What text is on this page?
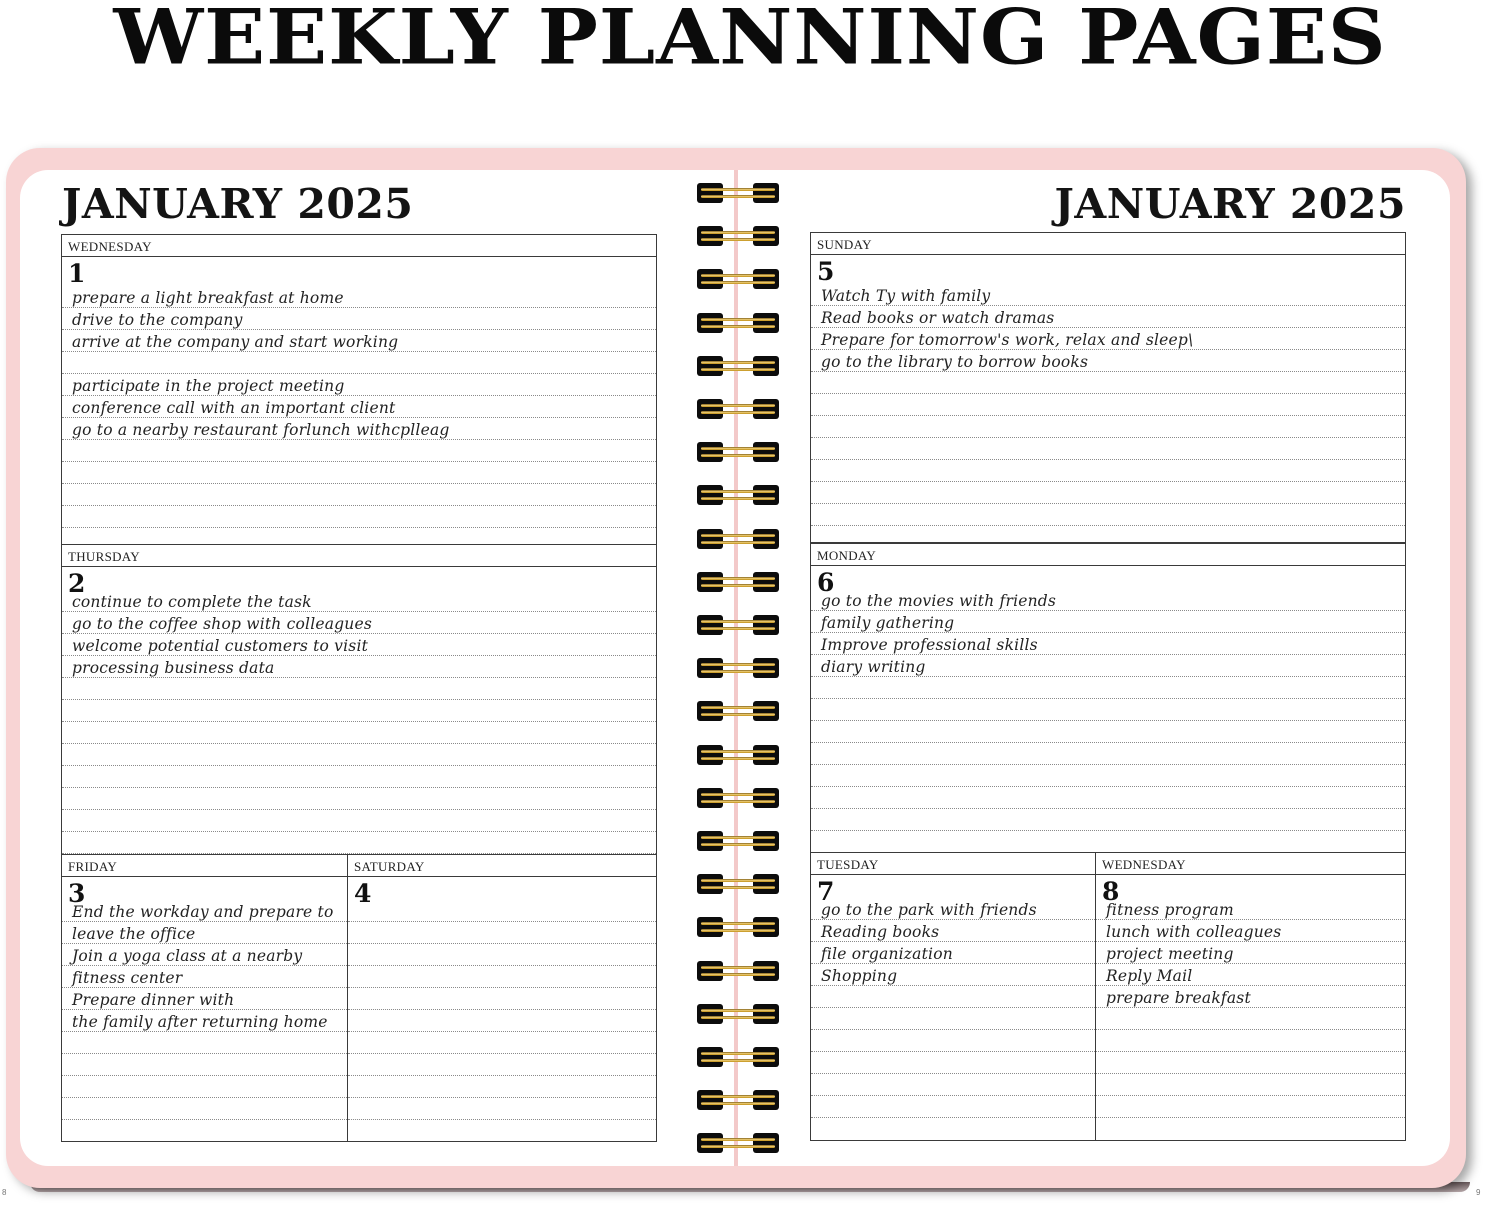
WEEKLY PLANNING PAGES
JANUARY 2025	JANUARY 2025
WEDNESDAY
1
prepare a light breakfast at home
drive to the company
arrive at the company and start working
participate in the project meeting
conference call with an important client
go to a nearby restaurant forlunch withcplleag
THURSDAY
2
continue to complete the task
go to the coffee shop with colleagues
welcome potential customers to visit
processing business data
FRIDAY
3
End the workday and prepare to
leave the office
Join a yoga class at a nearby
fitness center
Prepare dinner with
the family after returning home
SATURDAY
4
SUNDAY
5
Watch Ty with family
Read books or watch dramas
Prepare for tomorrow's work, relax and sleep\
go to the library to borrow books
MONDAY
6
go to the movies with friends
family gathering
Improve professional skills
diary writing
TUESDAY
7
go to the park with friends
Reading books
file organization
Shopping
WEDNESDAY
8
fitness program
lunch with colleagues
project meeting
Reply Mail
prepare breakfast
8	9
